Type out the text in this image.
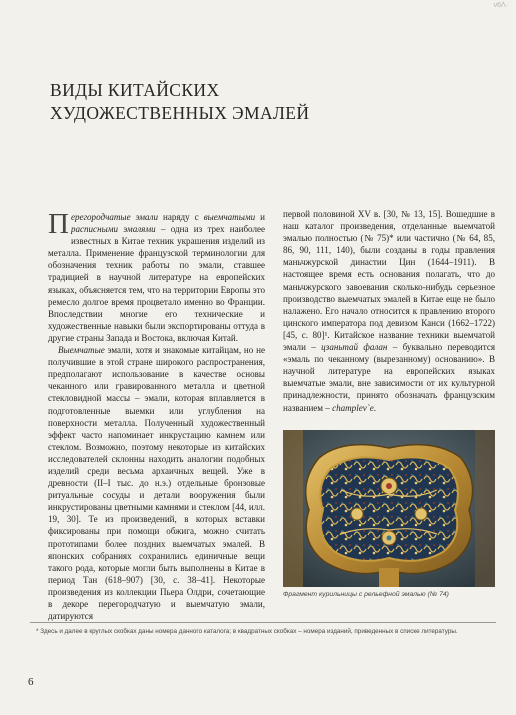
ν6Λ·
ВИДЫ КИТАЙСКИХ
ХУДОЖЕСТВЕННЫХ ЭМАЛЕЙ

Перегородчатые эмали наряду с выемчатыми и расписными эмалями – одна из трех наиболее известных в Китае техник украшения изделий из металла. Применение французской терминологии для обозначения техник работы по эмали, ставшее традицией в научной литературе на европейских языках, объясняется тем, что на территории Европы это ремесло долгое время процветало именно во Франции. Впоследствии многие его технические и художественные навыки были экспортированы оттуда в другие страны Запада и Востока, включая Китай.

Выемчатые эмали, хотя и знакомые китайцам, но не получившие в этой стране широкого распространения, предполагают использование в качестве основы чеканного или гравированного металла и цветной стекловидной массы – эмали, которая вплавляется в подготовленные выемки или углубления на поверхности металла. Полученный художественный эффект часто напоминает инкрустацию камнем или стеклом. Возможно, поэтому некоторые из китайских исследователей склонны находить аналогии подобных изделий среди весьма архаичных вещей. Уже в древности (II–I тыс. до н.э.) отдельные бронзовые ритуальные сосуды и детали вооружения были инкрустированы цветными камнями и стеклом [44, илл. 19, 30]. Те из произведений, в которых вставки фиксированы при помощи обжига, можно считать прототипами более поздних выемчатых эмалей. В японских собраниях сохранились единичные вещи такого рода, которые могли быть выполнены в Китае в период Тан (618–907) [30, с. 38–41]. Некоторые произведения из коллекции Пьера Олдри, сочетающие в декоре перегородчатую и выемчатую эмали, датируются

первой половиной XV в. [30, № 13, 15]. Вошедшие в наш каталог произведения, отделанные выемчатой эмалью полностью (№ 75)* или частично (№ 64, 85, 86, 90, 111, 140), были созданы в годы правления маньчжурской династии Цин (1644–1911). В настоящее время есть основания полагать, что до маньчжурского завоевания сколько-нибудь серьезное производство выемчатых эмалей в Китае еще не было налажено. Его начало относится к правлению второго цинского императора под девизом Канси (1662–1722) [45, с. 80]¹. Китайское название техники выемчатой эмали – цзаньтай фалан – буквально переводится «эмаль по чеканному (вырезанному) основанию». В научной литературе на европейских языках выемчатые эмали, вне зависимости от их культурной принадлежности, принято обозначать французским названием – champlev`e.

Фрагмент курильницы с рельефной эмалью (№ 74)
* Здесь и далее в круглых скобках даны номера данного каталога; в квадратных скобках – номера изданий, приведенных в списке литературы.
6
